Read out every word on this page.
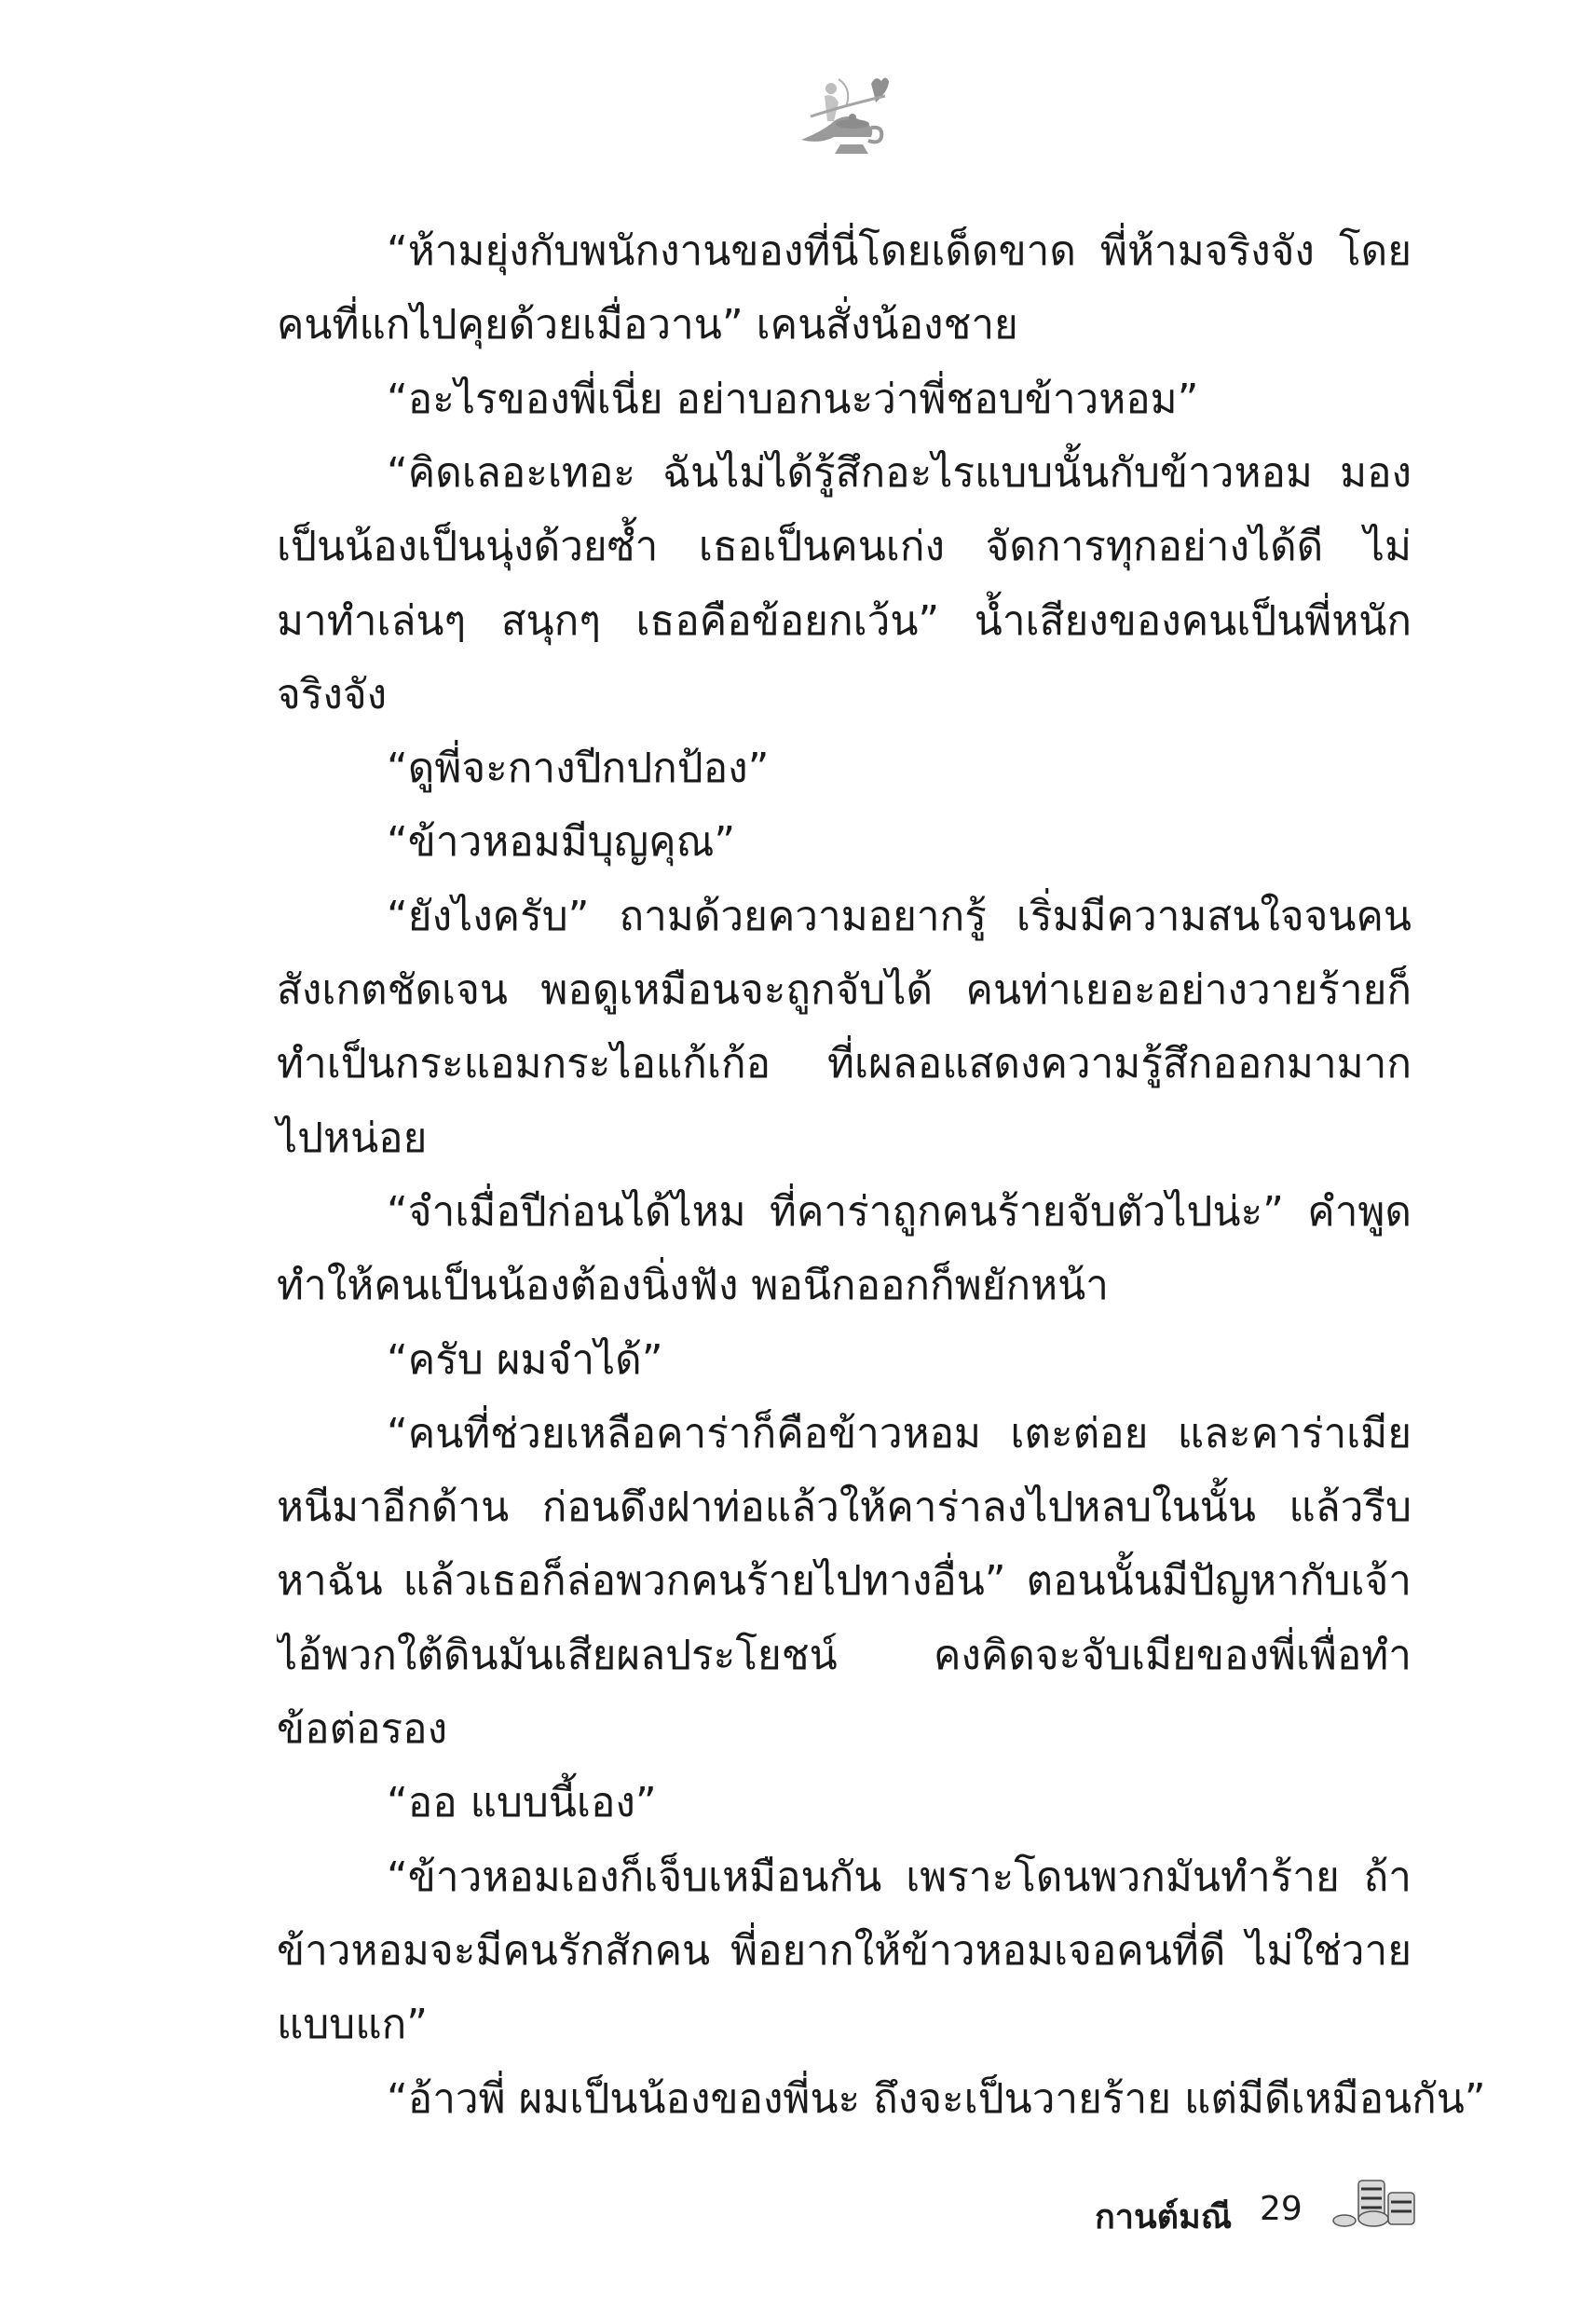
“ห้ามยุ่งกับพนักงานของที่นี่โดยเด็ดขาด พี่ห้ามจริงจัง โดย
คนที่แกไปคุยด้วยเมื่อวาน” เคนสั่งน้องชาย
“อะไรของพี่เนี่ย อย่าบอกนะว่าพี่ชอบข้าวหอม”
“คิดเลอะเทอะ ฉันไม่ได้รู้สึกอะไรแบบนั้นกับข้าวหอม มอง
เป็นน้องเป็นนุ่งด้วยซ้ำ เธอเป็นคนเก่ง จัดการทุกอย่างได้ดี ไม่
มาทำเล่นๆ สนุกๆ เธอคือข้อยกเว้น” น้ำเสียงของคนเป็นพี่หนัก
จริงจัง
“ดูพี่จะกางปีกปกป้อง”
“ข้าวหอมมีบุญคุณ”
“ยังไงครับ” ถามด้วยความอยากรู้ เริ่มมีความสนใจจนคน
สังเกตชัดเจน พอดูเหมือนจะถูกจับได้ คนท่าเยอะอย่างวายร้ายก็
ทำเป็นกระแอมกระไอแก้เก้อ ที่เผลอแสดงความรู้สึกออกมามาก
ไปหน่อย
“จำเมื่อปีก่อนได้ไหม ที่คาร่าถูกคนร้ายจับตัวไปน่ะ” คำพูด
ทำให้คนเป็นน้องต้องนิ่งฟัง พอนึกออกก็พยักหน้า
“ครับ ผมจำได้”
“คนที่ช่วยเหลือคาร่าก็คือข้าวหอม เตะต่อย และคาร่าเมีย
หนีมาอีกด้าน ก่อนดึงฝาท่อแล้วให้คาร่าลงไปหลบในนั้น แล้วรีบ
หาฉัน แล้วเธอก็ล่อพวกคนร้ายไปทางอื่น” ตอนนั้นมีปัญหากับเจ้า
ไอ้พวกใต้ดินมันเสียผลประโยชน์ คงคิดจะจับเมียของพี่เพื่อทำ
ข้อต่อรอง
“ออ แบบนี้เอง”
“ข้าวหอมเองก็เจ็บเหมือนกัน เพราะโดนพวกมันทำร้าย ถ้า
ข้าวหอมจะมีคนรักสักคน พี่อยากให้ข้าวหอมเจอคนที่ดี ไม่ใช่วาย
แบบแก”
“อ้าวพี่ ผมเป็นน้องของพี่นะ ถึงจะเป็นวายร้าย แต่มีดีเหมือนกัน”
กานต์มณี 29
